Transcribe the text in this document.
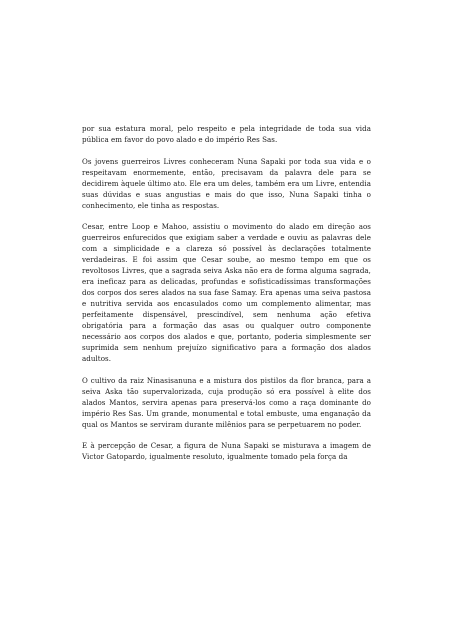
por sua estatura moral, pelo respeito e pela integridade de toda sua vida pública em favor do povo alado e do império Res Sas.

Os jovens guerreiros Livres conheceram Nuna Sapaki por toda sua vida e o respeitavam enormemente, então, precisavam da palavra dele para se decidirem àquele último ato. Ele era um deles, também era um Livre, entendia suas dúvidas e suas angustias e mais do que isso, Nuna Sapaki tinha o conhecimento, ele tinha as respostas.

Cesar, entre Loop e Mahoo, assistiu o movimento do alado em direção aos guerreiros enfurecidos que exigiam saber a verdade e ouviu as palavras dele com a simplicidade e a clareza só possível às declarações totalmente verdadeiras. E foi assim que Cesar soube, ao mesmo tempo em que os revoltosos Livres, que a sagrada seiva Aska não era de forma alguma sagrada, era ineficaz para as delicadas, profundas e sofisticadíssimas transformações dos corpos dos seres alados na sua fase Samay. Era apenas uma seiva pastosa e nutritiva servida aos encasulados como um complemento alimentar, mas perfeitamente dispensável, prescindível, sem nenhuma ação efetiva obrigatória para a formação das asas ou qualquer outro componente necessário aos corpos dos alados e que, portanto, poderia simplesmente ser suprimida sem nenhum prejuízo significativo para a formação dos alados adultos.

O cultivo da raiz Ninasisanuna e a mistura dos pistilos da flor branca, para a seiva Aska tão supervalorizada, cuja produção só era possível à elite dos alados Mantos, servira apenas para preservá-los como a raça dominante do império Res Sas. Um grande, monumental e total embuste, uma enganação da qual os Mantos se serviram durante milênios para se perpetuarem no poder.

E à percepção de Cesar, a figura de Nuna Sapaki se misturava a imagem de Victor Gatopardo, igualmente resoluto, igualmente tomado pela força da
